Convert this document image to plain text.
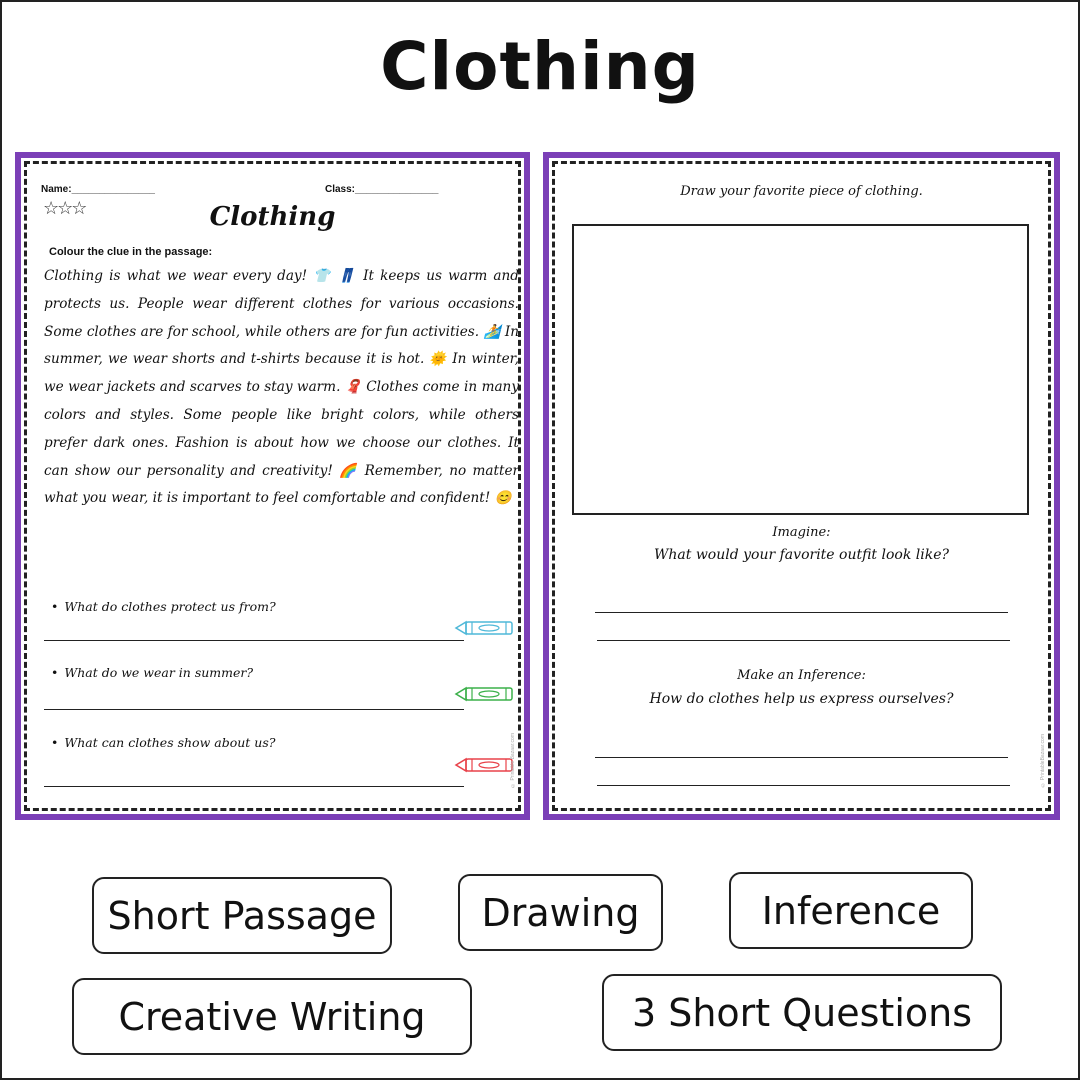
Clothing
Name:_______________	Class:_______________
☆☆☆	Clothing
Colour the clue in the passage:
Clothing is what we wear every day! 👕 👖 It keeps us warm and protects us. People wear different clothes for various occasions. Some clothes are for school, while others are for fun activities. 🏄 In summer, we wear shorts and t-shirts because it is hot. 🌞 In winter, we wear jackets and scarves to stay warm. 🧣 Clothes come in many colors and styles. Some people like bright colors, while others prefer dark ones. Fashion is about how we choose our clothes. It can show our personality and creativity! 🌈 Remember, no matter what you wear, it is important to feel comfortable and confident! 😊
• What do clothes protect us from?
• What do we wear in summer?
• What can clothes show about us?	© Printable Bazaar.com
Draw your favorite piece of clothing.
Imagine:
What would your favorite outfit look like?
Make an Inference:
How do clothes help us express ourselves?
© PrintableBazaar.com
Short Passage	Drawing	Inference
Creative Writing	3 Short Questions
